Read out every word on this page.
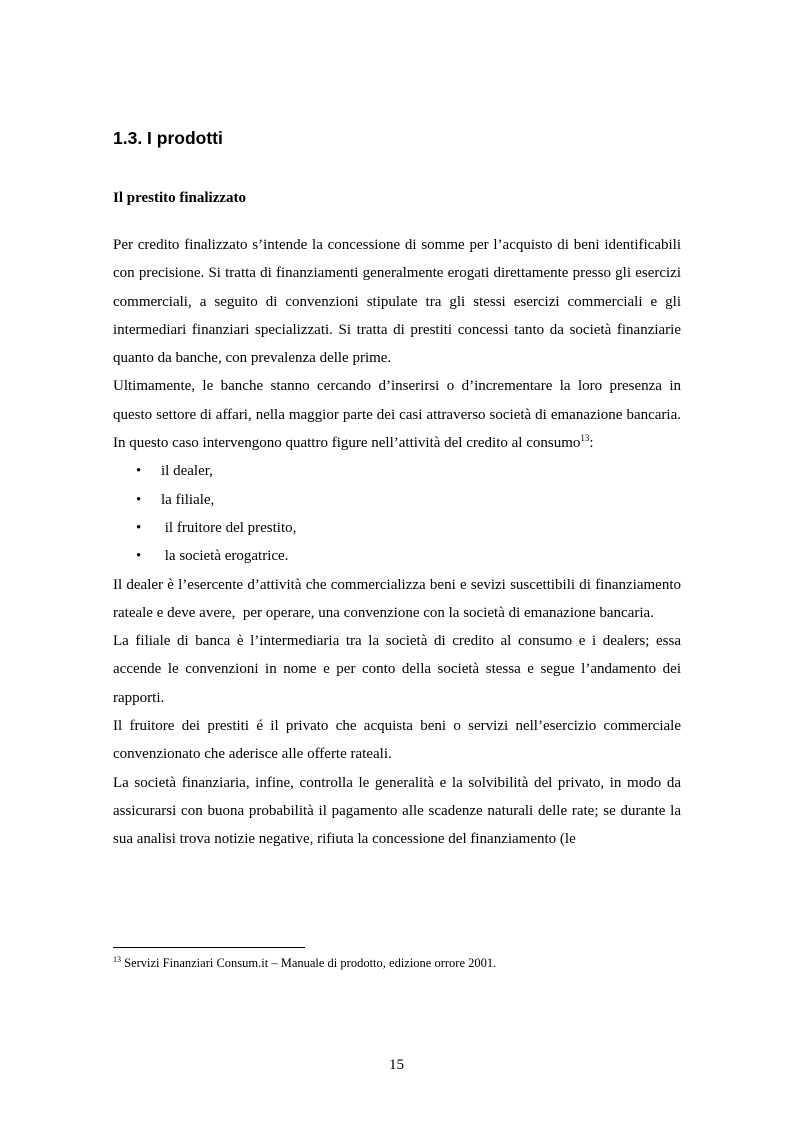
1.3. I prodotti
Il prestito finalizzato

Per credito finalizzato s’intende la concessione di somme per l’acquisto di beni identificabili con precisione. Si tratta di finanziamenti generalmente erogati direttamente presso gli esercizi commerciali, a seguito di convenzioni stipulate tra gli stessi esercizi commerciali e gli intermediari finanziari specializzati. Si tratta di prestiti concessi tanto da società finanziarie quanto da banche, con prevalenza delle prime.

Ultimamente, le banche stanno cercando d’inserirsi o d’incrementare la loro presenza in questo settore di affari, nella maggior parte dei casi attraverso società di emanazione bancaria. In questo caso intervengono quattro figure nell’attività del credito al consumo$^{13}$:

• il dealer,
• la filiale,
• il fruitore del prestito,
• la società erogatrice.

Il dealer è l’esercente d’attività che commercializza beni e sevizi suscettibili di finanziamento rateale e deve avere,  per operare, una convenzione con la società di emanazione bancaria.

La filiale di banca è l’intermediaria tra la società di credito al consumo e i dealers; essa accende le convenzioni in nome e per conto della società stessa e segue l’andamento dei rapporti.

Il fruitore dei prestiti é il privato che acquista beni o servizi nell’esercizio commerciale convenzionato che aderisce alle offerte rateali.

La società finanziaria, infine, controlla le generalità e la solvibilità del privato, in modo da assicurarsi con buona probabilità il pagamento alle scadenze naturali delle rate; se durante la sua analisi trova notizie negative, rifiuta la concessione del finanziamento (le

$^{13}$ Servizi Finanziari Consum.it – Manuale di prodotto, edizione orrore 2001.
15
